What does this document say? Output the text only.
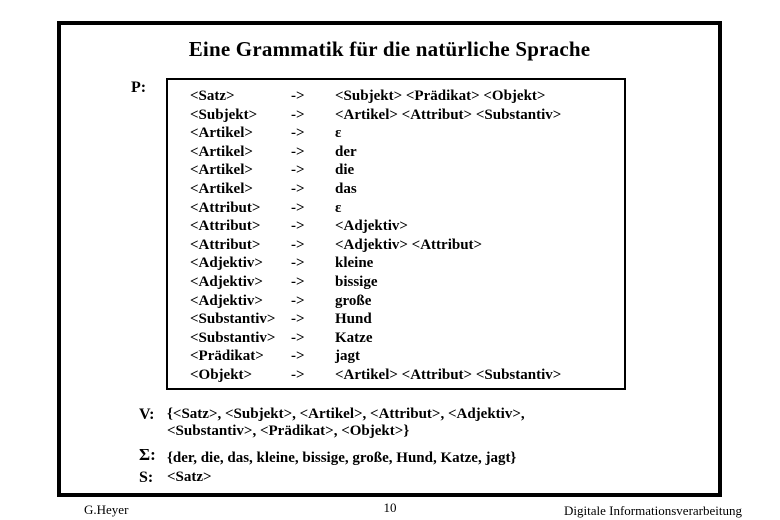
Eine Grammatik für die natürliche Sprache
P:	<Satz>	->	<Subjekt> <Prädikat> <Objekt>
<Subjekt>	->	<Artikel> <Attribut> <Substantiv>
<Artikel>	->	ε
<Artikel>	->	der
<Artikel>	->	die
<Artikel>	->	das
<Attribut>	->	ε
<Attribut>	->	<Adjektiv>
<Attribut>	->	<Adjektiv> <Attribut>
<Adjektiv>	->	kleine
<Adjektiv>	->	bissige
<Adjektiv>	->	große
<Substantiv>	->	Hund
<Substantiv>	->	Katze
<Prädikat>	->	jagt
<Objekt>	->	<Artikel> <Attribut> <Substantiv>
V: {<Satz>, <Subjekt>, <Artikel>, <Attribut>, <Adjektiv>,
<Substantiv>, <Prädikat>, <Objekt>}
Σ: {der, die, das, kleine, bissige, große, Hund, Katze, jagt}
S: <Satz>
G.Heyer	10	Digitale Informationsverarbeitung
